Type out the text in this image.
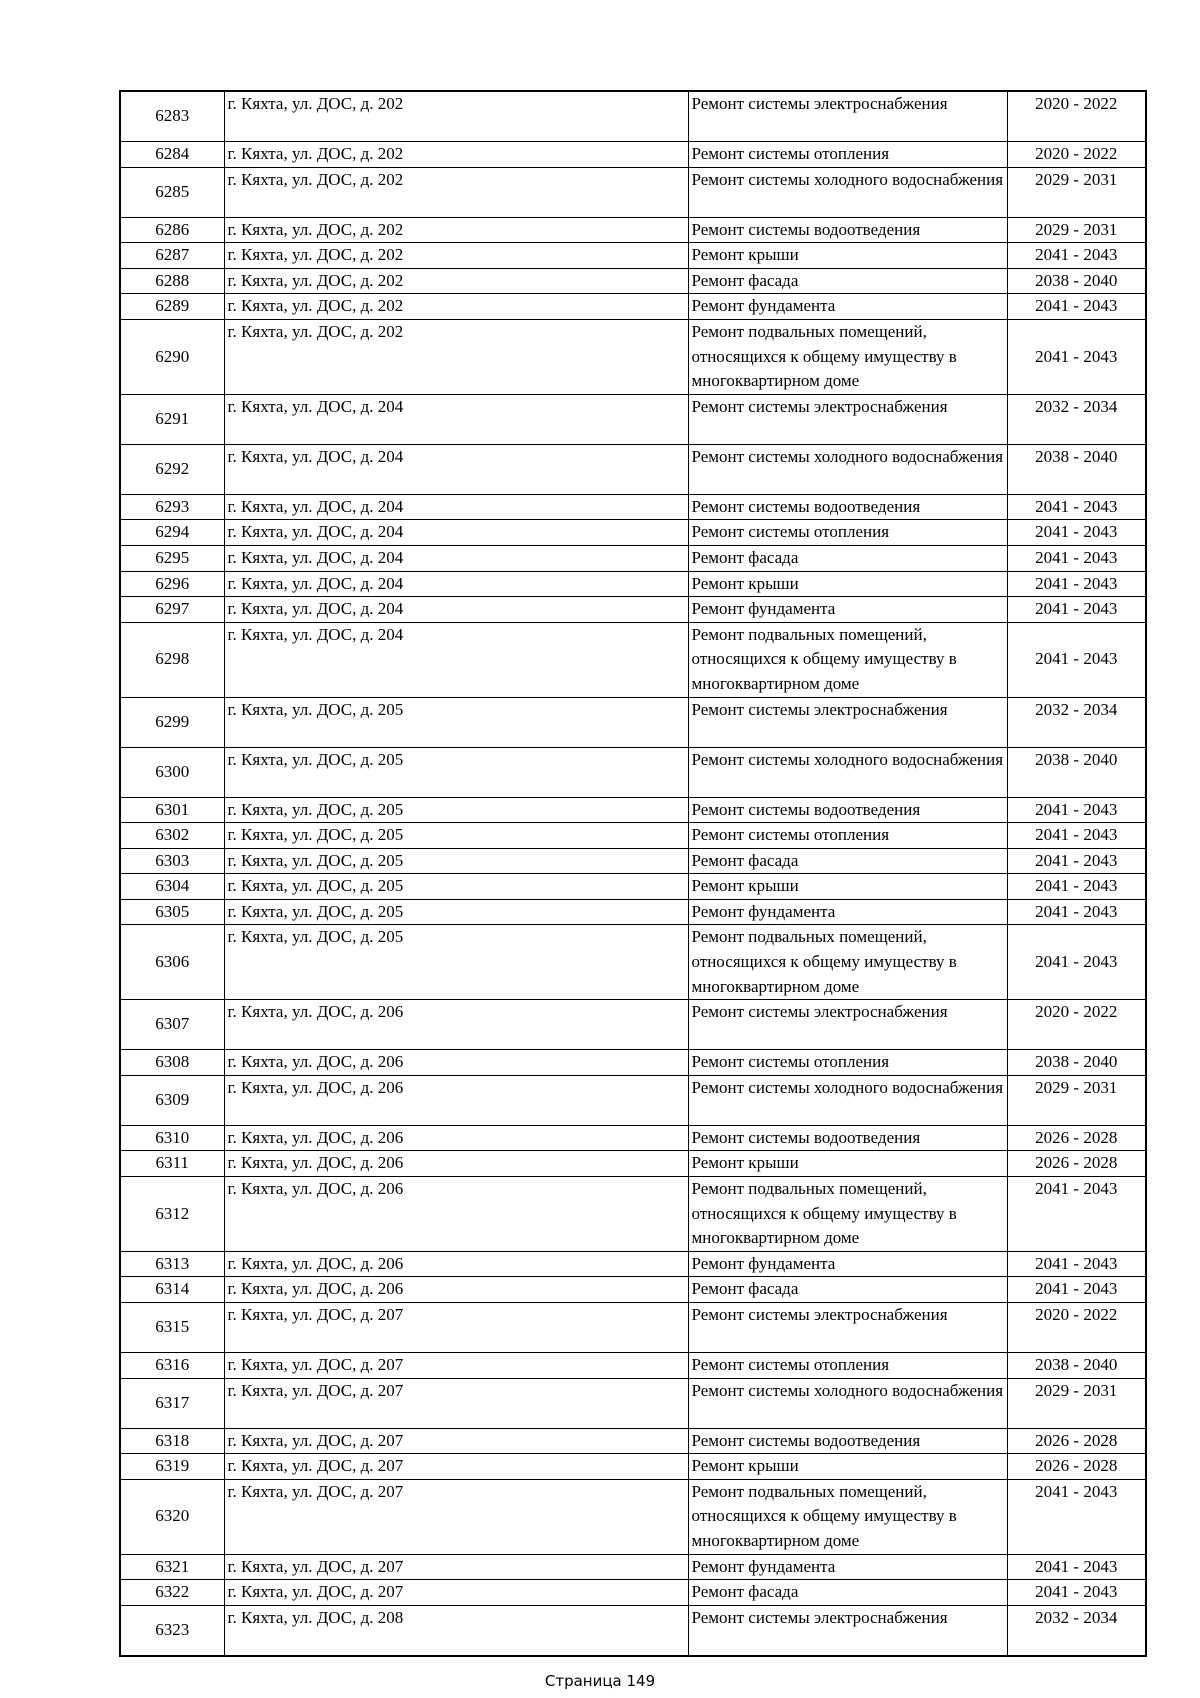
6283	г. Кяхта, ул. ДОС, д. 202	Ремонт системы электроснабжения	2020 - 2022
6284	г. Кяхта, ул. ДОС, д. 202	Ремонт системы отопления	2020 - 2022
6285	г. Кяхта, ул. ДОС, д. 202	Ремонт системы холодного водоснабжения	2029 - 2031
6286	г. Кяхта, ул. ДОС, д. 202	Ремонт системы водоотведения	2029 - 2031
6287	г. Кяхта, ул. ДОС, д. 202	Ремонт крыши	2041 - 2043
6288	г. Кяхта, ул. ДОС, д. 202	Ремонт фасада	2038 - 2040
6289	г. Кяхта, ул. ДОС, д. 202	Ремонт фундамента	2041 - 2043
6290	г. Кяхта, ул. ДОС, д. 202	Ремонт подвальных помещений, относящихся к общему имуществу в многоквартирном доме	2041 - 2043
6291	г. Кяхта, ул. ДОС, д. 204	Ремонт системы электроснабжения	2032 - 2034
6292	г. Кяхта, ул. ДОС, д. 204	Ремонт системы холодного водоснабжения	2038 - 2040
6293	г. Кяхта, ул. ДОС, д. 204	Ремонт системы водоотведения	2041 - 2043
6294	г. Кяхта, ул. ДОС, д. 204	Ремонт системы отопления	2041 - 2043
6295	г. Кяхта, ул. ДОС, д. 204	Ремонт фасада	2041 - 2043
6296	г. Кяхта, ул. ДОС, д. 204	Ремонт крыши	2041 - 2043
6297	г. Кяхта, ул. ДОС, д. 204	Ремонт фундамента	2041 - 2043
6298	г. Кяхта, ул. ДОС, д. 204	Ремонт подвальных помещений, относящихся к общему имуществу в многоквартирном доме	2041 - 2043
6299	г. Кяхта, ул. ДОС, д. 205	Ремонт системы электроснабжения	2032 - 2034
6300	г. Кяхта, ул. ДОС, д. 205	Ремонт системы холодного водоснабжения	2038 - 2040
6301	г. Кяхта, ул. ДОС, д. 205	Ремонт системы водоотведения	2041 - 2043
6302	г. Кяхта, ул. ДОС, д. 205	Ремонт системы отопления	2041 - 2043
6303	г. Кяхта, ул. ДОС, д. 205	Ремонт фасада	2041 - 2043
6304	г. Кяхта, ул. ДОС, д. 205	Ремонт крыши	2041 - 2043
6305	г. Кяхта, ул. ДОС, д. 205	Ремонт фундамента	2041 - 2043
6306	г. Кяхта, ул. ДОС, д. 205	Ремонт подвальных помещений, относящихся к общему имуществу в многоквартирном доме	2041 - 2043
6307	г. Кяхта, ул. ДОС, д. 206	Ремонт системы электроснабжения	2020 - 2022
6308	г. Кяхта, ул. ДОС, д. 206	Ремонт системы отопления	2038 - 2040
6309	г. Кяхта, ул. ДОС, д. 206	Ремонт системы холодного водоснабжения	2029 - 2031
6310	г. Кяхта, ул. ДОС, д. 206	Ремонт системы водоотведения	2026 - 2028
6311	г. Кяхта, ул. ДОС, д. 206	Ремонт крыши	2026 - 2028
6312	г. Кяхта, ул. ДОС, д. 206	Ремонт подвальных помещений, относящихся к общему имуществу в многоквартирном доме	2041 - 2043
6313	г. Кяхта, ул. ДОС, д. 206	Ремонт фундамента	2041 - 2043
6314	г. Кяхта, ул. ДОС, д. 206	Ремонт фасада	2041 - 2043
6315	г. Кяхта, ул. ДОС, д. 207	Ремонт системы электроснабжения	2020 - 2022
6316	г. Кяхта, ул. ДОС, д. 207	Ремонт системы отопления	2038 - 2040
6317	г. Кяхта, ул. ДОС, д. 207	Ремонт системы холодного водоснабжения	2029 - 2031
6318	г. Кяхта, ул. ДОС, д. 207	Ремонт системы водоотведения	2026 - 2028
6319	г. Кяхта, ул. ДОС, д. 207	Ремонт крыши	2026 - 2028
6320	г. Кяхта, ул. ДОС, д. 207	Ремонт подвальных помещений, относящихся к общему имуществу в многоквартирном доме	2041 - 2043
6321	г. Кяхта, ул. ДОС, д. 207	Ремонт фундамента	2041 - 2043
6322	г. Кяхта, ул. ДОС, д. 207	Ремонт фасада	2041 - 2043
6323	г. Кяхта, ул. ДОС, д. 208	Ремонт системы электроснабжения	2032 - 2034
Страница 149
